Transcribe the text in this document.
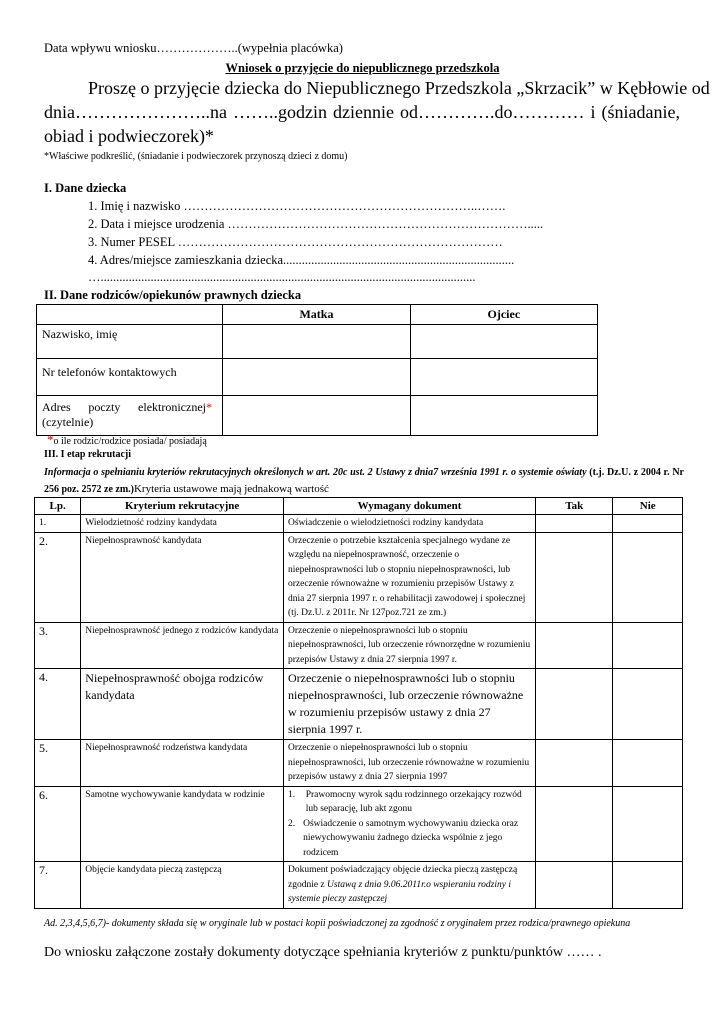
Data wpływu wniosku………………..(wypełnia placówka)
Wniosek o przyjęcie do niepublicznego przedszkola
Proszę o przyjęcie dziecka do Niepublicznego Przedszkola „Skrzacik” w Kębłowie od
dnia…………………..na ……..godzin dziennie od………….do………… i (śniadanie,
obiad i podwieczorek)*
*Właściwe podkreślić, (śniadanie i podwieczorek przynoszą dzieci z domu)
I. Dane dziecka
1. Imię i nazwisko ……………………………………………………………..…….
2. Data i miejsce urodzenia ……………………………………………………………….....
3. Numer PESEL ……………………………………………………………………
4. Adres/miejsce zamieszkania dziecka..........................................................................
…........................................................................................................................
II. Dane rodziców/opiekunów prawnych dziecka
	Matka	Ojciec
Nazwisko, imię		

Nr telefonów kontaktowych		

Adres poczty elektronicznej*
(czytelnie)		

*o ile rodzic/rodzice posiada/ posiadają
III. I etap rekrutacji
Informacja o spełnianiu kryteriów rekrutacyjnych określonych w art. 20c ust. 2 Ustawy z dnia7 września 1991 r. o systemie oświaty (t.j. Dz.U. z 2004 r. Nr 256 poz. 2572 ze zm.)Kryteria ustawowe mają jednakową wartość
Lp.	Kryterium rekrutacyjne	Wymagany dokument	Tak	Nie
1.	Wielodzietność rodziny kandydata	Oświadczenie o wielodzietności rodziny kandydata		
2.	Niepełnosprawność kandydata	Orzeczenie o potrzebie kształcenia specjalnego wydane ze względu na niepełnosprawność, orzeczenie o niepełnosprawności lub o stopniu niepełnosprawności, lub orzeczenie równoważne w rozumieniu przepisów Ustawy z dnia 27 sierpnia 1997 r. o rehabilitacji zawodowej i społecznej (tj. Dz.U. z 2011r. Nr 127poz.721 ze zm.)		
3.	Niepełnosprawność jednego z rodziców kandydata	Orzeczenie o niepełnosprawności lub o stopniu niepełnosprawności, lub orzeczenie równorzędne w rozumieniu przepisów Ustawy z dnia 27 sierpnia 1997 r.		
4.	Niepełnosprawność obojga rodziców kandydata	Orzeczenie o niepełnosprawności lub o stopniu niepełnosprawności, lub orzeczenie równoważne w rozumieniu przepisów ustawy z dnia 27 sierpnia 1997 r.		
5.	Niepełnosprawność rodzeństwa kandydata	Orzeczenie o niepełnosprawności lub o stopniu niepełnosprawności, lub orzeczenie równoważne w rozumieniu przepisów ustawy z dnia 27 sierpnia 1997		
6.	Samotne wychowywanie kandydata w rodzinie	1. Prawomocny wyrok sądu rodzinnego orzekający rozwód lub separację, lub akt zgonu
2. Oświadczenie o samotnym wychowywaniu dziecka oraz niewychowywaniu żadnego dziecka wspólnie z jego rodzicem		

7.	Objęcie kandydata pieczą zastępczą	Dokument poświadczający objęcie dziecka pieczą zastępczą zgodnie z Ustawą z dnia 9.06.2011r.o wspieraniu rodziny i systemie pieczy zastępczej		
Ad. 2,3,4,5,6,7)- dokumenty składa się w oryginale lub w postaci kopii poświadczonej za zgodność z oryginałem przez rodzica/prawnego opiekuna
Do wniosku załączone zostały dokumenty dotyczące spełniania kryteriów z punktu/punktów …… .
